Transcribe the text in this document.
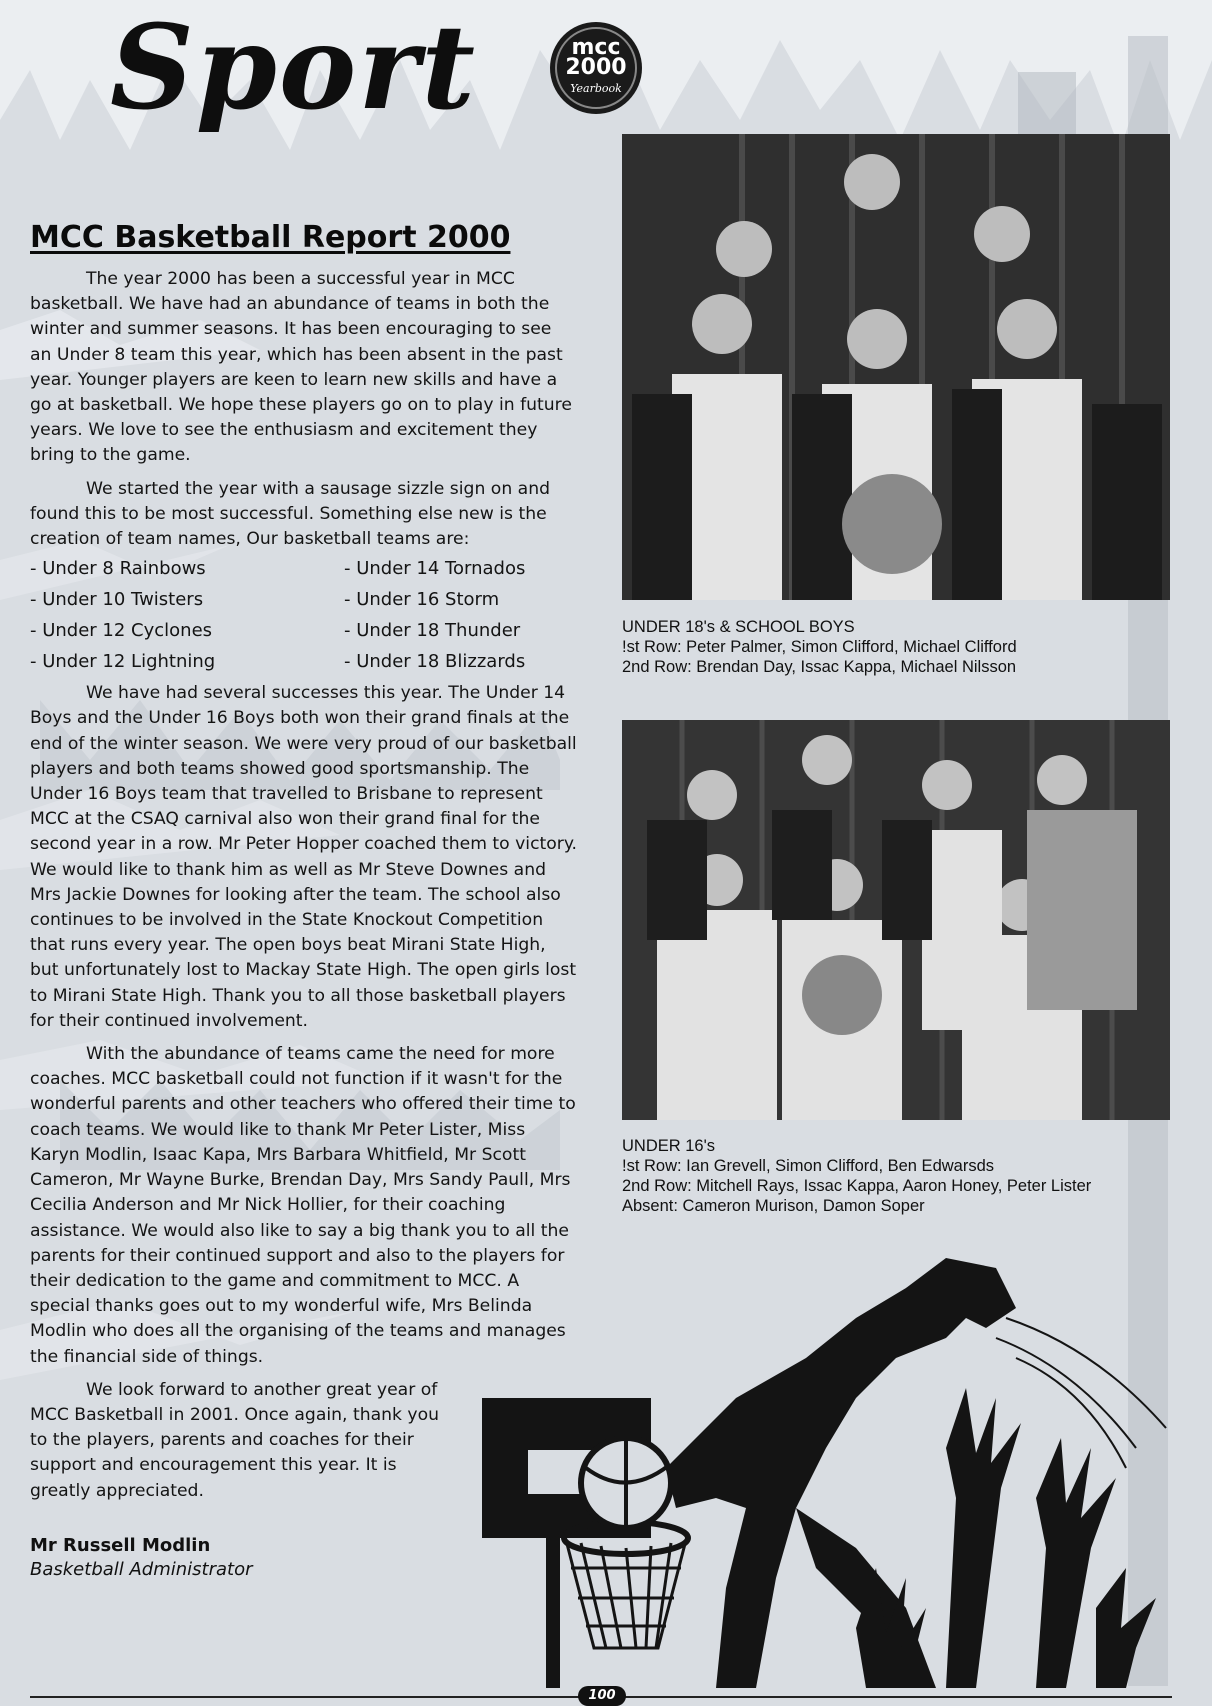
Sport	mcc
2000
Yearbook
MCC Basketball Report 2000

The year 2000 has been a successful year in MCC basketball. We have had an abundance of teams in both the winter and summer seasons. It has been encouraging to see an Under 8 team this year, which has been absent in the past year. Younger players are keen to learn new skills and have a go at basketball. We hope these players go on to play in future years. We love to see the enthusiasm and excitement they bring to the game.

We started the year with a sausage sizzle sign on and found this to be most successful. Something else new is the creation of team names, Our basketball teams are:

- Under 8 Rainbows	- Under 14 Tornados
- Under 10 Twisters	- Under 16 Storm
- Under 12 Cyclones	- Under 18 Thunder
- Under 12 Lightning	- Under 18 Blizzards

We have had several successes this year. The Under 14 Boys and the Under 16 Boys both won their grand finals at the end of the winter season. We were very proud of our basketball players and both teams showed good sportsmanship. The Under 16 Boys team that travelled to Brisbane to represent MCC at the CSAQ carnival also won their grand final for the second year in a row. Mr Peter Hopper coached them to victory. We would like to thank him as well as Mr Steve Downes and Mrs Jackie Downes for looking after the team. The school also continues to be involved in the State Knockout Competition that runs every year. The open boys beat Mirani State High, but unfortunately lost to Mackay State High. The open girls lost to Mirani State High. Thank you to all those basketball players for their continued involvement.

With the abundance of teams came the need for more coaches. MCC basketball could not function if it wasn't for the wonderful parents and other teachers who offered their time to coach teams. We would like to thank Mr Peter Lister, Miss Karyn Modlin, Isaac Kapa, Mrs Barbara Whitfield, Mr Scott Cameron, Mr Wayne Burke, Brendan Day, Mrs Sandy Paull, Mrs Cecilia Anderson and Mr Nick Hollier, for their coaching assistance. We would also like to say a big thank you to all the parents for their continued support and also to the players for their dedication to the game and commitment to MCC. A special thanks goes out to my wonderful wife, Mrs Belinda Modlin who does all the organising of the teams and manages the financial side of things.

We look forward to another great year of MCC Basketball in 2001. Once again, thank you to the players, parents and coaches for their support and encouragement this year. It is greatly appreciated.

Mr Russell Modlin
Basketball Administrator
UNDER 18's & SCHOOL BOYS
!st Row: Peter Palmer, Simon Clifford, Michael Clifford
2nd Row: Brendan Day, Issac Kappa, Michael Nilsson
UNDER 16's
!st Row: Ian Grevell, Simon Clifford, Ben Edwarsds
2nd Row: Mitchell Rays, Issac Kappa, Aaron Honey, Peter Lister
Absent: Cameron Murison, Damon Soper
100
